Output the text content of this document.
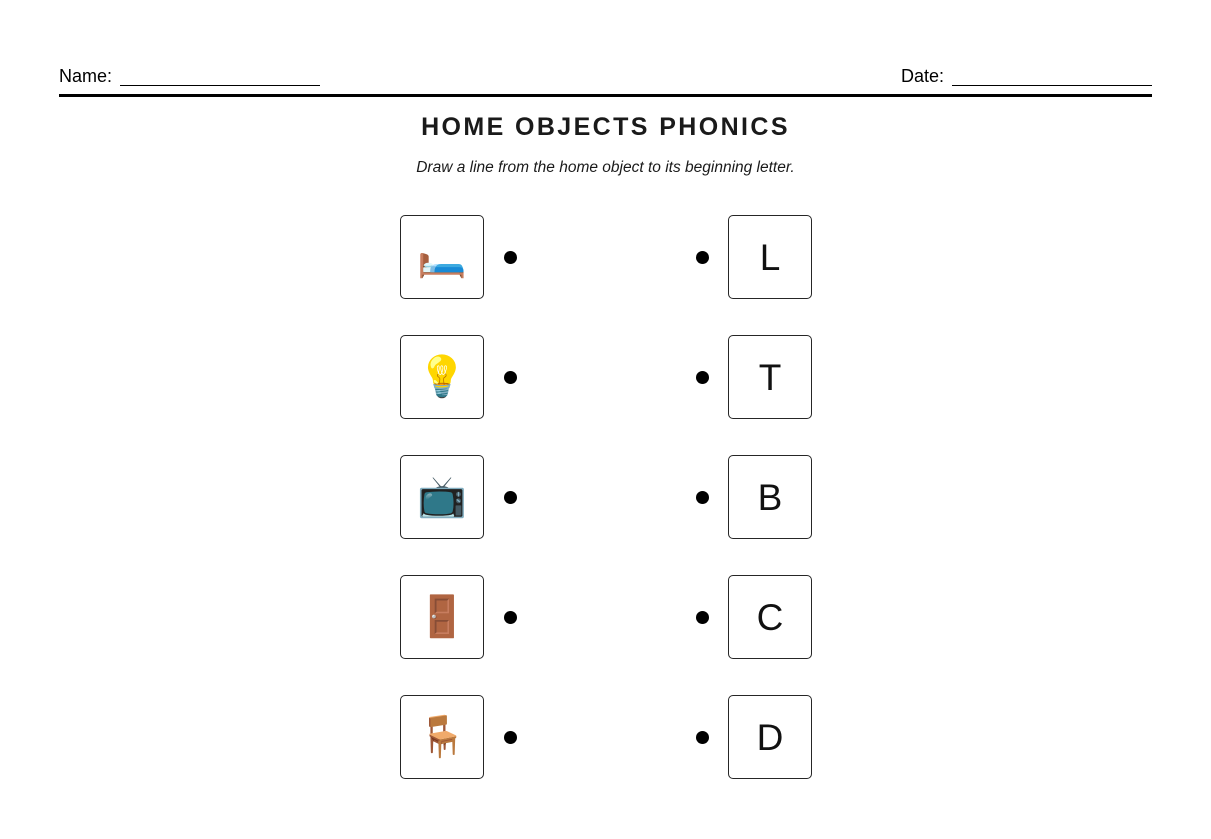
Name:	Date:
HOME OBJECTS PHONICS
Draw a line from the home object to its beginning letter.
🛏️	L
💡	T
📺	B
🚪	C
🪑	D
